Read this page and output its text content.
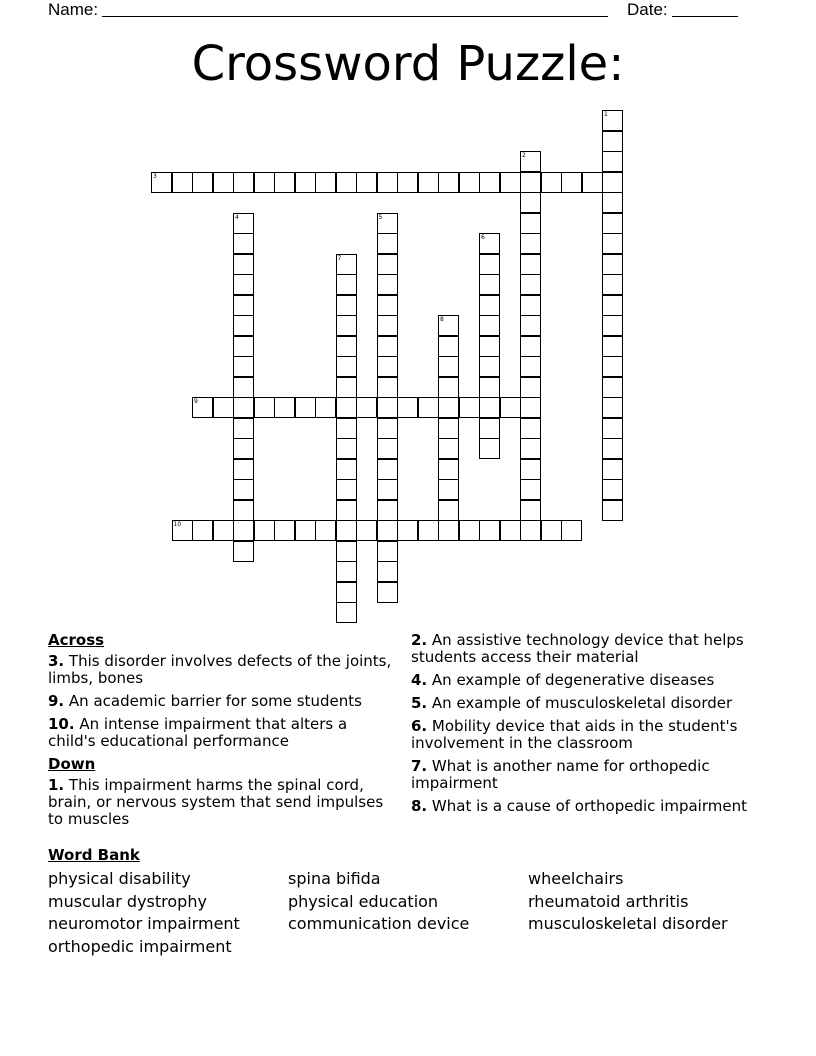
Name:	Date:
Crossword Puzzle:
1
2
3
4	5
6
7
8
9
10
Across
3. This disorder involves defects of the joints, limbs, bones
9. An academic barrier for some students
10. An intense impairment that alters a child's educational performance
Down
1. This impairment harms the spinal cord, brain, or nervous system that send impulses to muscles
2. An assistive technology device that helps students access their material
4. An example of degenerative diseases
5. An example of musculoskeletal disorder
6. Mobility device that aids in the student's involvement in the classroom
7. What is another name for orthopedic impairment
8. What is a cause of orthopedic impairment
Word Bank
physical disability
muscular dystrophy
neuromotor impairment
orthopedic impairment
spina bifida
physical education
communication device
wheelchairs
rheumatoid arthritis
musculoskeletal disorder
